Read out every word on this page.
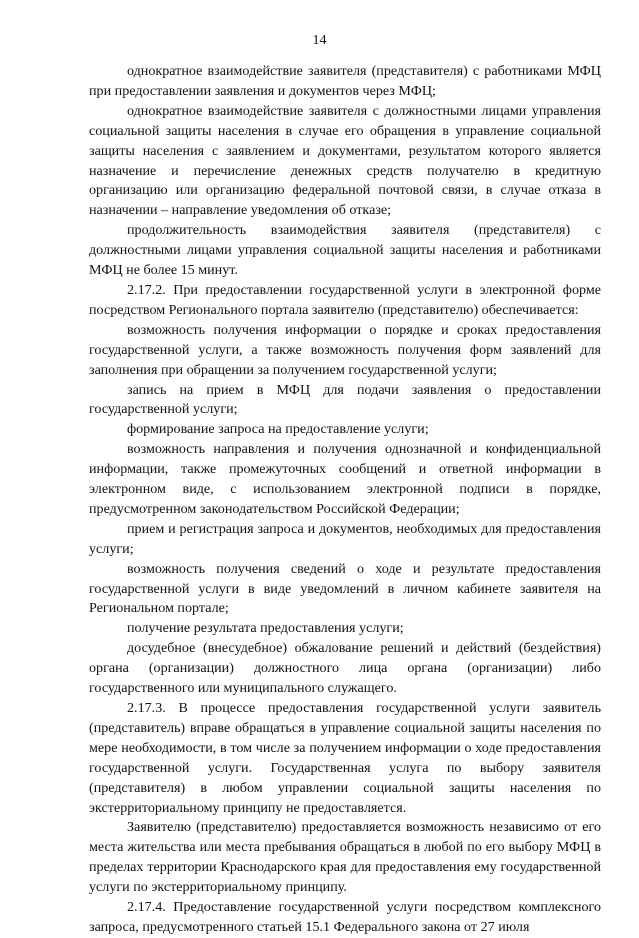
14

однократное взаимодействие заявителя (представителя) с работниками МФЦ при предоставлении заявления и документов через МФЦ;

однократное взаимодействие заявителя с должностными лицами управления социальной защиты населения в случае его обращения в управление социальной защиты населения с заявлением и документами, результатом которого является назначение и перечисление денежных средств получателю в кредитную организацию или организацию федеральной почтовой связи, в случае отказа в назначении – направление уведомления об отказе;

продолжительность взаимодействия заявителя (представителя) с должностными лицами управления социальной защиты населения и работниками МФЦ не более 15 минут.

2.17.2. При предоставлении государственной услуги в электронной форме посредством Регионального портала заявителю (представителю) обеспечивается:

возможность получения информации о порядке и сроках предоставления государственной услуги, а также возможность получения форм заявлений для заполнения при обращении за получением государственной услуги;

запись на прием в МФЦ для подачи заявления о предоставлении государственной услуги;

формирование запроса на предоставление услуги;

возможность направления и получения однозначной и конфиденциальной информации, также промежуточных сообщений и ответной информации в электронном виде, с использованием электронной подписи в порядке, предусмотренном законодательством Российской Федерации;

прием и регистрация запроса и документов, необходимых для предоставления услуги;

возможность получения сведений о ходе и результате предоставления государственной услуги в виде уведомлений в личном кабинете заявителя на Региональном портале;

получение результата предоставления услуги;

досудебное (внесудебное) обжалование решений и действий (бездействия) органа (организации) должностного лица органа (организации) либо государственного или муниципального служащего.

2.17.3. В процессе предоставления государственной услуги заявитель (представитель) вправе обращаться в управление социальной защиты населения по мере необходимости, в том числе за получением информации о ходе предоставления государственной услуги. Государственная услуга по выбору заявителя (представителя) в любом управлении социальной защиты населения по экстерриториальному принципу не предоставляется.

Заявителю (представителю) предоставляется возможность независимо от его места жительства или места пребывания обращаться в любой по его выбору МФЦ в пределах территории Краснодарского края для предоставления ему государственной услуги по экстерриториальному принципу.

2.17.4. Предоставление государственной услуги посредством комплексного запроса, предусмотренного статьей 15.1 Федерального закона от 27 июля
